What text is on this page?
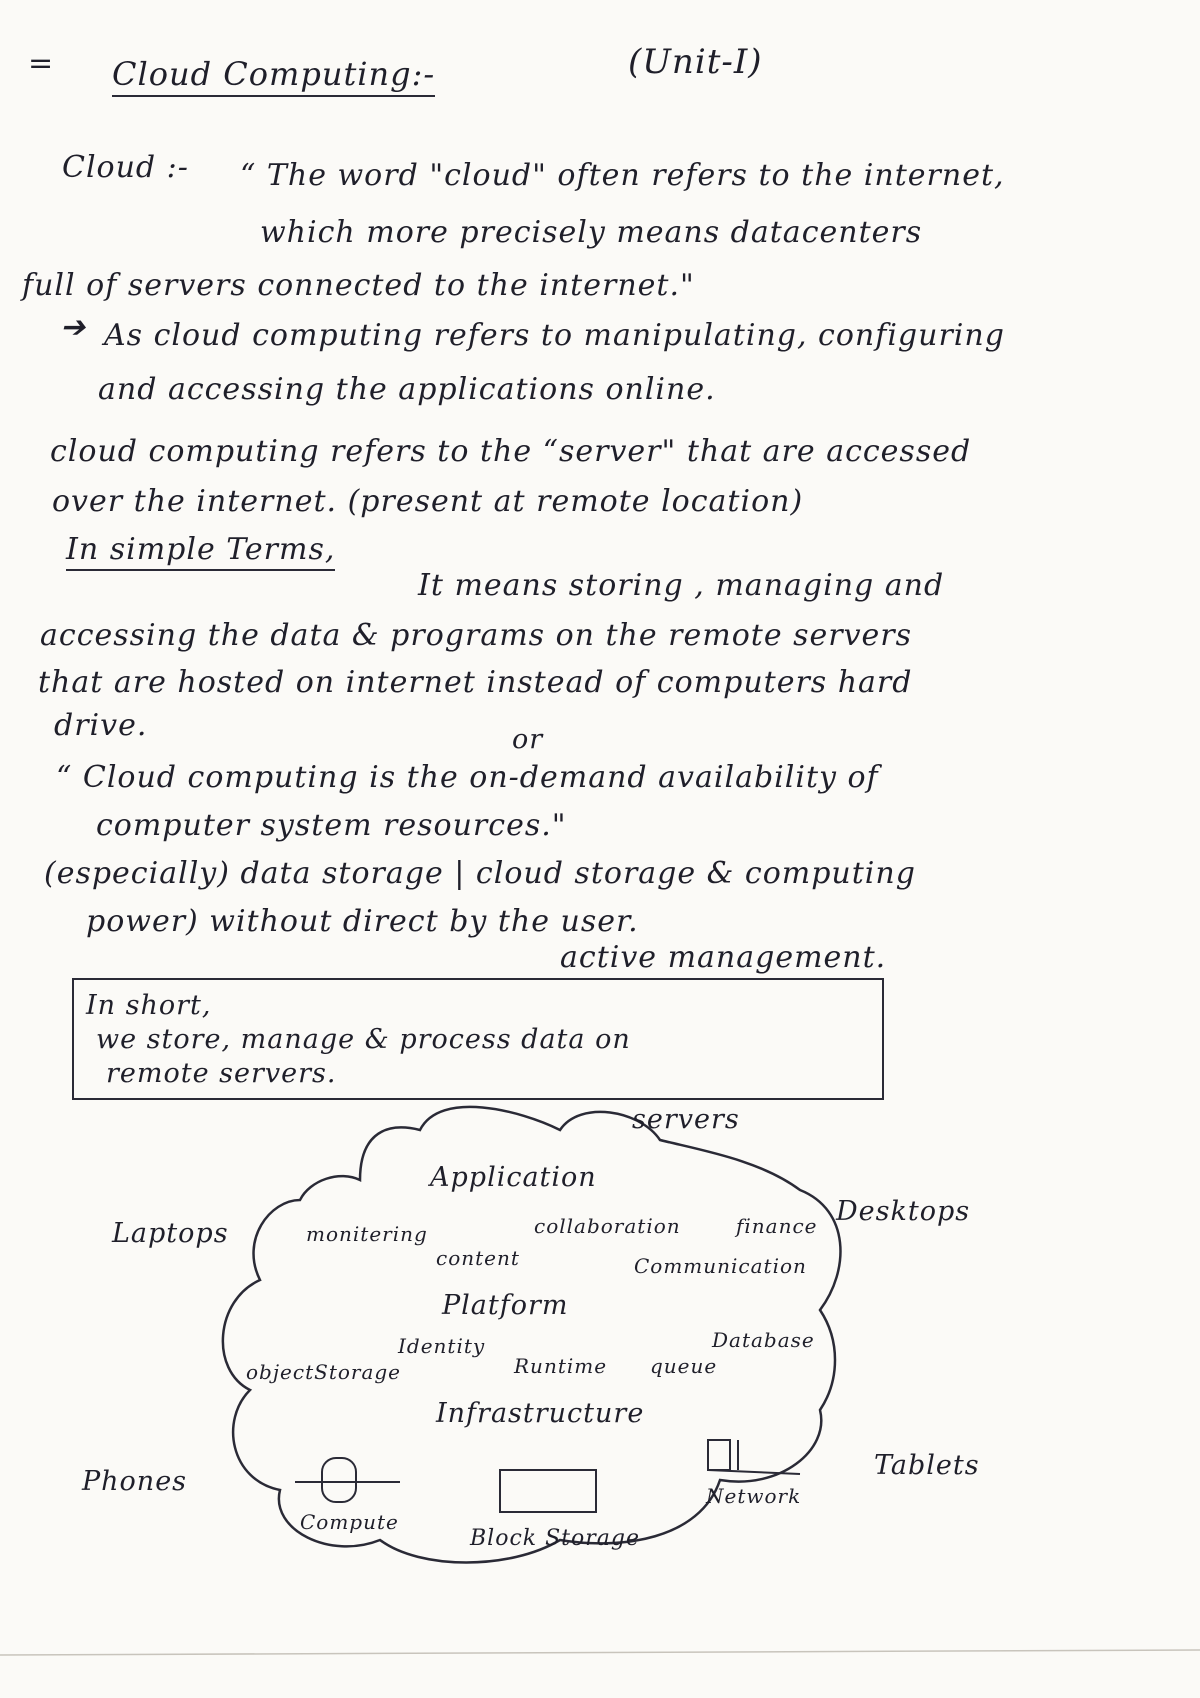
= Cloud Computing:-	(Unit-I)
Cloud :- “ The word "cloud" often refers to the internet,
which more precisely means datacenters
full of servers connected to the internet."
➔ As cloud computing refers to manipulating, configuring
and accessing the applications online.
cloud computing refers to the “server" that are accessed
over the internet. (present at remote location)
In simple Terms,
It means storing , managing and
accessing the data & programs on the remote servers
that are hosted on internet instead of computers hard
drive.	or
“ Cloud computing is the on-demand availability of
computer system resources."
(especially) data storage | cloud storage & computing
power) without direct by the user.
active management.
In short,
we store, manage & process data on
remote servers.
servers
Laptops
Desktops
Phones
Tablets
Application
monitering
content
collaboration	finance
Communication
Platform
Identity
objectStorage	Runtime queue
Database
Infrastructure
Compute
Block Storage
Network
